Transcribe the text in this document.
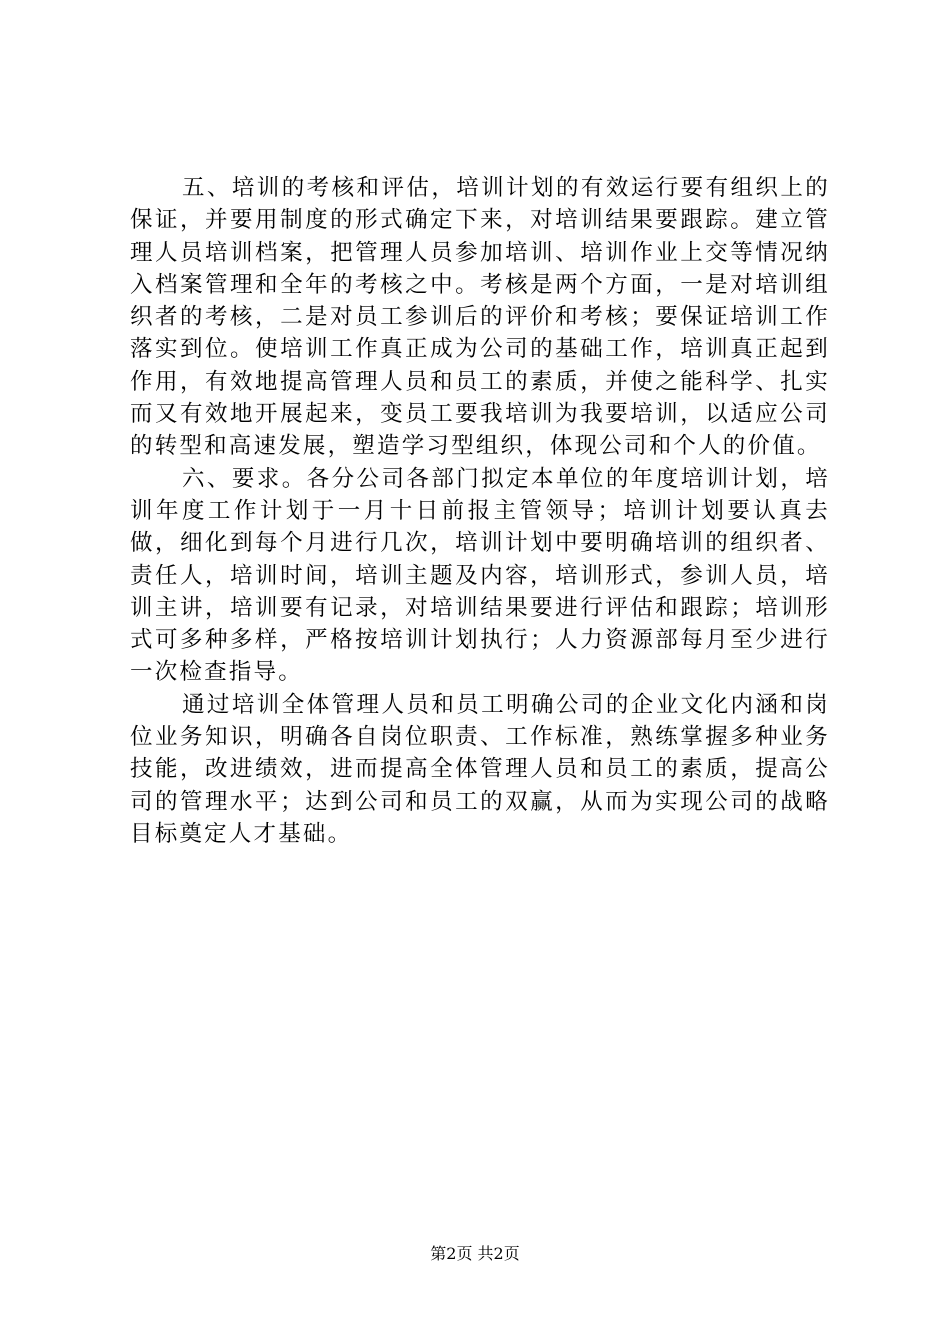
五、培训的考核和评估，培训计划的有效运行要有组织上的保证，并要用制度的形式确定下来，对培训结果要跟踪。建立管理人员培训档案，把管理人员参加培训、培训作业上交等情况纳入档案管理和全年的考核之中。考核是两个方面，一是对培训组织者的考核，二是对员工参训后的评价和考核；要保证培训工作落实到位。使培训工作真正成为公司的基础工作，培训真正起到作用，有效地提高管理人员和员工的素质，并使之能科学、扎实而又有效地开展起来，变员工要我培训为我要培训，以适应公司的转型和高速发展，塑造学习型组织，体现公司和个人的价值。

六、要求。各分公司各部门拟定本单位的年度培训计划，培训年度工作计划于一月十日前报主管领导；培训计划要认真去做，细化到每个月进行几次，培训计划中要明确培训的组织者、责任人，培训时间，培训主题及内容，培训形式，参训人员，培训主讲，培训要有记录，对培训结果要进行评估和跟踪；培训形式可多种多样，严格按培训计划执行；人力资源部每月至少进行一次检查指导。

通过培训全体管理人员和员工明确公司的企业文化内涵和岗位业务知识，明确各自岗位职责、工作标准，熟练掌握多种业务技能，改进绩效，进而提高全体管理人员和员工的素质，提高公司的管理水平；达到公司和员工的双赢，从而为实现公司的战略目标奠定人才基础。

第2页 共2页
